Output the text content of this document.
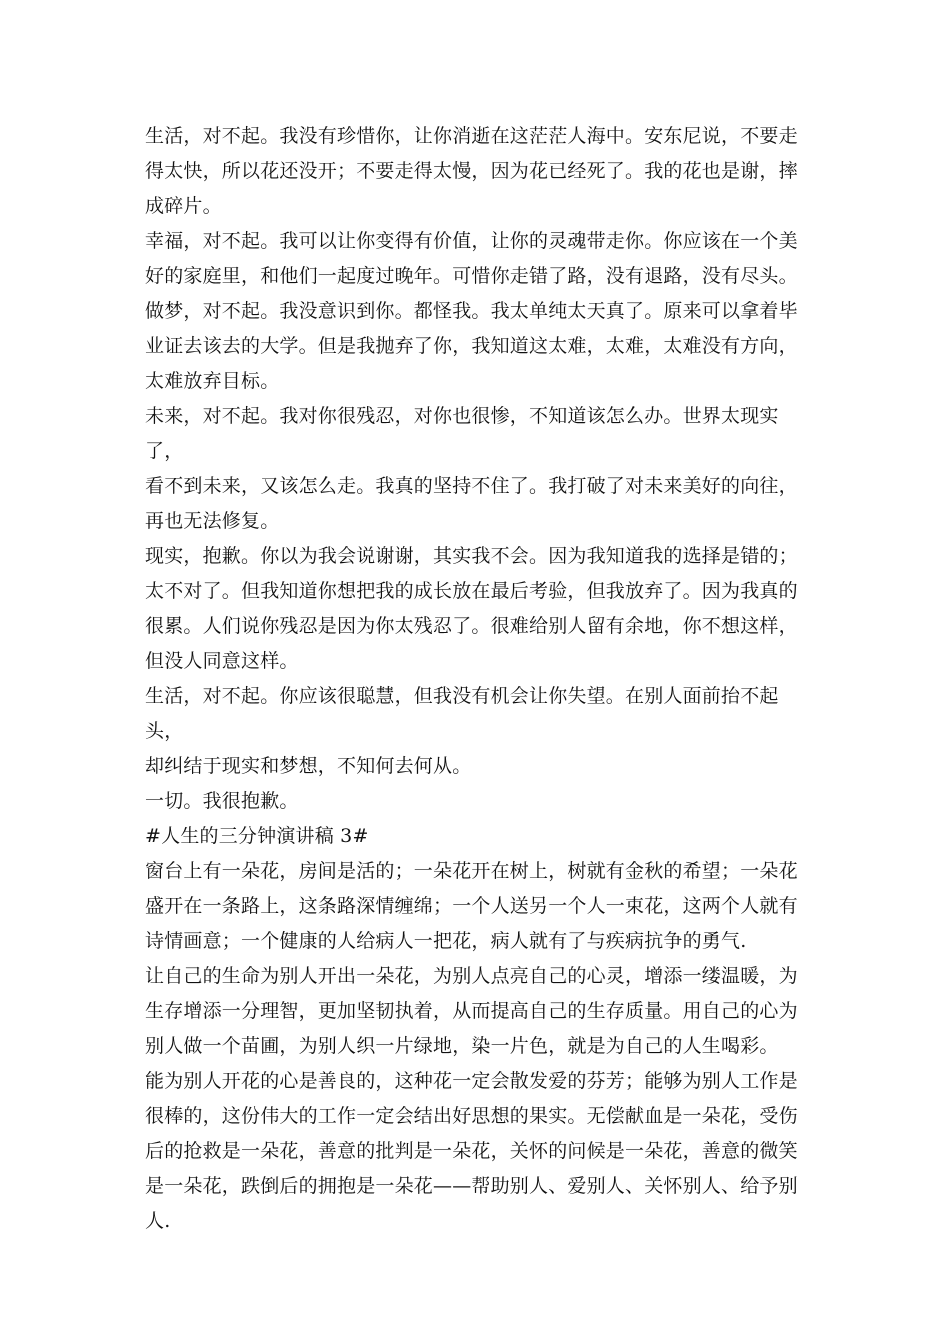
生活，对不起。我没有珍惜你，让你消逝在这茫茫人海中。安东尼说，不要走
得太快，所以花还没开；不要走得太慢，因为花已经死了。我的花也是谢，摔
成碎片。

幸福，对不起。我可以让你变得有价值，让你的灵魂带走你。你应该在一个美
好的家庭里，和他们一起度过晚年。可惜你走错了路，没有退路，没有尽头。

做梦，对不起。我没意识到你。都怪我。我太单纯太天真了。原来可以拿着毕
业证去该去的大学。但是我抛弃了你，我知道这太难，太难，太难没有方向，
太难放弃目标。

未来，对不起。我对你很残忍，对你也很惨，不知道该怎么办。世界太现实了，
看不到未来，又该怎么走。我真的坚持不住了。我打破了对未来美好的向往，
再也无法修复。

现实，抱歉。你以为我会说谢谢，其实我不会。因为我知道我的选择是错的；
太不对了。但我知道你想把我的成长放在最后考验，但我放弃了。因为我真的
很累。人们说你残忍是因为你太残忍了。很难给别人留有余地，你不想这样，
但没人同意这样。

生活，对不起。你应该很聪慧，但我没有机会让你失望。在别人面前抬不起头，
却纠结于现实和梦想，不知何去何从。

一切。我很抱歉。

#人生的三分钟演讲稿 3#

窗台上有一朵花，房间是活的；一朵花开在树上，树就有金秋的希望；一朵花
盛开在一条路上，这条路深情缠绵；一个人送另一个人一束花，这两个人就有
诗情画意；一个健康的人给病人一把花，病人就有了与疾病抗争的勇气.

让自己的生命为别人开出一朵花，为别人点亮自己的心灵，增添一缕温暖，为
生存增添一分理智，更加坚韧执着，从而提高自己的生存质量。用自己的心为
别人做一个苗圃，为别人织一片绿地，染一片色，就是为自己的人生喝彩。

能为别人开花的心是善良的，这种花一定会散发爱的芬芳；能够为别人工作是
很棒的，这份伟大的工作一定会结出好思想的果实。无偿献血是一朵花，受伤
后的抢救是一朵花，善意的批判是一朵花，关怀的问候是一朵花，善意的微笑
是一朵花，跌倒后的拥抱是一朵花——帮助别人、爱别人、关怀别人、给予别
人.
